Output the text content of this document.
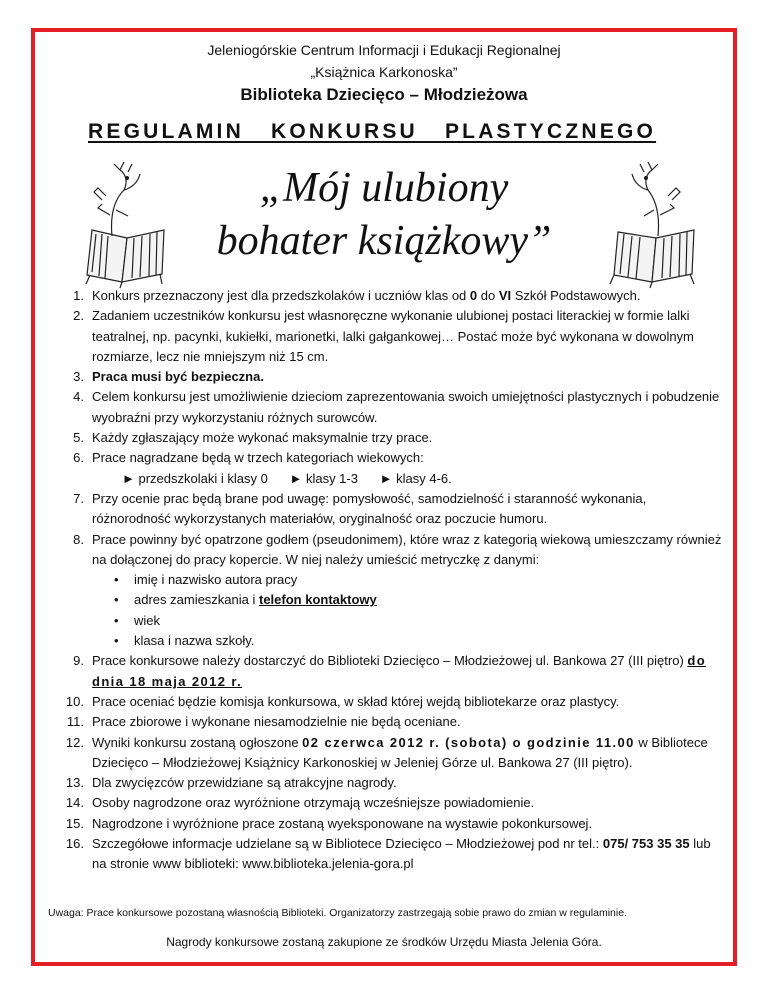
Jeleniogórskie Centrum Informacji i Edukacji Regionalnej
„Książnica Karkonoska”
Biblioteka Dziecięco – Młodzieżowa
REGULAMIN KONKURSU PLASTYCZNEGO
„Mój ulubiony
bohater książkowy”
1. Konkurs przeznaczony jest dla przedszkolaków i uczniów klas od 0 do VI Szkół Podstawowych.
2. Zadaniem uczestników konkursu jest własnoręczne wykonanie ulubionej postaci literackiej w formie lalki teatralnej, np. pacynki, kukiełki, marionetki, lalki gałgankowej… Postać może być wykonana w dowolnym rozmiarze, lecz nie mniejszym niż 15 cm.
3. Praca musi być bezpieczna.
4. Celem konkursu jest umożliwienie dzieciom zaprezentowania swoich umiejętności plastycznych i pobudzenie wyobraźni przy wykorzystaniu różnych surowców.
5. Każdy zgłaszający może wykonać maksymalnie trzy prace.
6. Prace nagradzane będą w trzech kategoriach wiekowych:
► przedszkolaki i klasy 0 ► klasy 1-3 ► klasy 4-6.
7. Przy ocenie prac będą brane pod uwagę: pomysłowość, samodzielność i staranność wykonania, różnorodność wykorzystanych materiałów, oryginalność oraz poczucie humoru.
8. Prace powinny być opatrzone godłem (pseudonimem), które wraz z kategorią wiekową umieszczamy również na dołączonej do pracy kopercie. W niej należy umieścić metryczkę z danymi:
• imię i nazwisko autora pracy
• adres zamieszkania i telefon kontaktowy
• wiek
• klasa i nazwa szkoły.
9. Prace konkursowe należy dostarczyć do Biblioteki Dziecięco – Młodzieżowej ul. Bankowa 27 (III piętro) do dnia 18 maja 2012 r.
10. Prace oceniać będzie komisja konkursowa, w skład której wejdą bibliotekarze oraz plastycy.
11. Prace zbiorowe i wykonane niesamodzielnie nie będą oceniane.
12. Wyniki konkursu zostaną ogłoszone 02 czerwca 2012 r. (sobota) o godzinie 11.00 w Bibliotece Dziecięco – Młodzieżowej Książnicy Karkonoskiej w Jeleniej Górze ul. Bankowa 27 (III piętro).
13. Dla zwycięzców przewidziane są atrakcyjne nagrody.
14. Osoby nagrodzone oraz wyróżnione otrzymają wcześniejsze powiadomienie.
15. Nagrodzone i wyróżnione prace zostaną wyeksponowane na wystawie pokonkursowej.
16. Szczegółowe informacje udzielane są w Bibliotece Dziecięco – Młodzieżowej pod nr tel.: 075/ 753 35 35 lub na stronie www biblioteki: www.biblioteka.jelenia-gora.pl
Uwaga: Prace konkursowe pozostaną własnością Biblioteki. Organizatorzy zastrzegają sobie prawo do zmian w regulaminie.
Nagrody konkursowe zostaną zakupione ze środków Urzędu Miasta Jelenia Góra.
